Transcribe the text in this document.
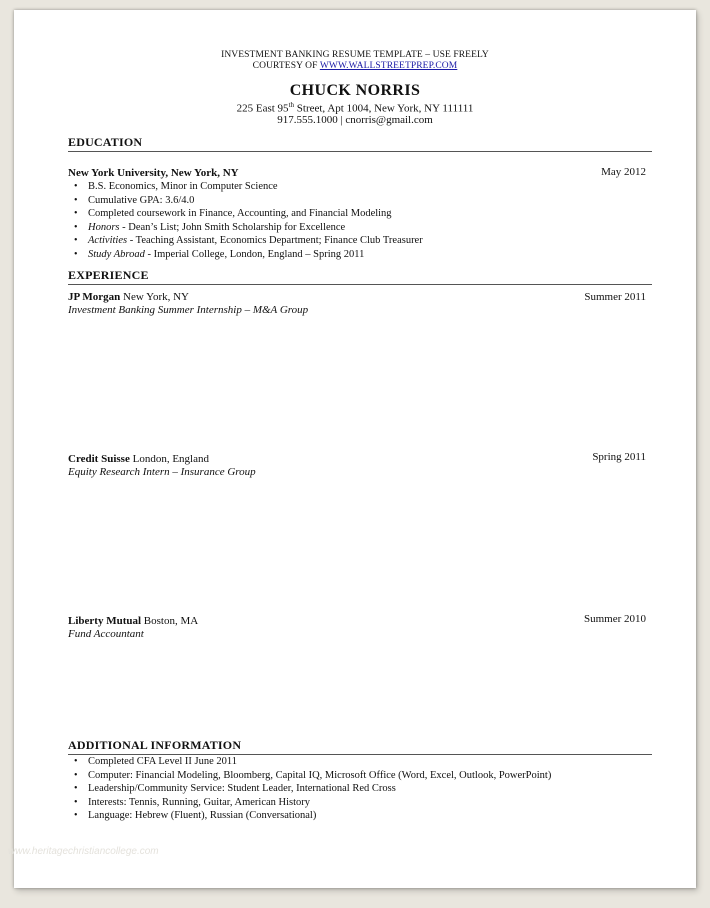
INVESTMENT BANKING RESUME TEMPLATE – USE FREELY
COURTESY OF WWW.WALLSTREETPREP.COM
CHUCK NORRIS
225 East 95th Street, Apt 1004, New York, NY 111111
917.555.1000 | cnorris@gmail.com
EDUCATION
New York University, New York, NY	May 2012
• B.S. Economics, Minor in Computer Science
• Cumulative GPA: 3.6/4.0
• Completed coursework in Finance, Accounting, and Financial Modeling
• Honors - Dean’s List; John Smith Scholarship for Excellence
• Activities - Teaching Assistant, Economics Department; Finance Club Treasurer
• Study Abroad - Imperial College, London, England – Spring 2011
EXPERIENCE
JP Morgan New York, NY	Summer 2011
Investment Banking Summer Internship – M&A Group
Credit Suisse London, England	Spring 2011
Equity Research Intern – Insurance Group
Liberty Mutual Boston, MA	Summer 2010
Fund Accountant
ADDITIONAL INFORMATION
• Completed CFA Level II June 2011
• Computer: Financial Modeling, Bloomberg, Capital IQ, Microsoft Office (Word, Excel, Outlook, PowerPoint)
• Leadership/Community Service: Student Leader, International Red Cross
• Interests: Tennis, Running, Guitar, American History
• Language: Hebrew (Fluent), Russian (Conversational)
www.heritagechristiancollege.com
